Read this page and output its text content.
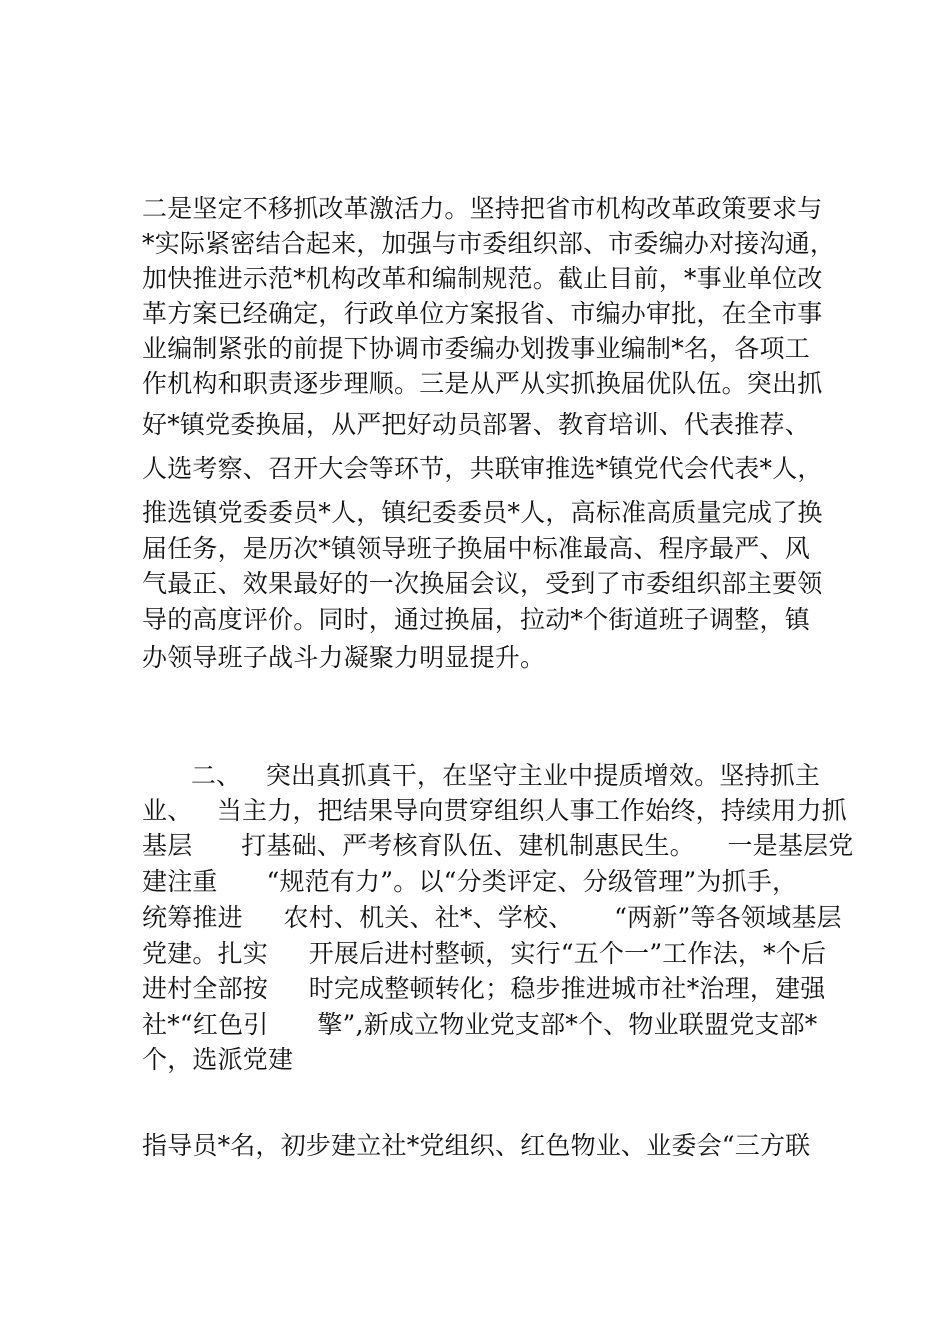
二是坚定不移抓改革激活力。坚持把省市机构改革政策要求与
*实际紧密结合起来，加强与市委组织部、市委编办对接沟通，
加快推进示范*机构改革和编制规范。截止目前，*事业单位改
革方案已经确定，行政单位方案报省、市编办审批，在全市事
业编制紧张的前提下协调市委编办划拨事业编制*名，各项工
作机构和职责逐步理顺。三是从严从实抓换届优队伍。突出抓
好*镇党委换届，从严把好动员部署、教育培训、代表推荐、
人选考察、召开大会等环节，共联审推选*镇党代会代表*人，
推选镇党委委员*人，镇纪委委员*人，高标准高质量完成了换
届任务，是历次*镇领导班子换届中标准最高、程序最严、风
气最正、效果最好的一次换届会议，受到了市委组织部主要领
导的高度评价。同时，通过换届，拉动*个街道班子调整，镇
办领导班子战斗力凝聚力明显提升。
二、   突出真抓真干，在坚守主业中提质增效。坚持抓主
业、   当主力，把结果导向贯穿组织人事工作始终，持续用力抓
基层      打基础、严考核育队伍、建机制惠民生。    一是基层党
建注重      “规范有力”。以“分类评定、分级管理”为抓手，
统筹推进     农村、机关、社*、学校、     “两新”等各领域基层
党建。扎实     开展后进村整顿，实行“五个一”工作法，*个后
进村全部按     时完成整顿转化；稳步推进城市社*治理，建强
社*“红色引      擎”,新成立物业党支部*个、物业联盟党支部*
个，选派党建
指导员*名，初步建立社*党组织、红色物业、业委会“三方联
